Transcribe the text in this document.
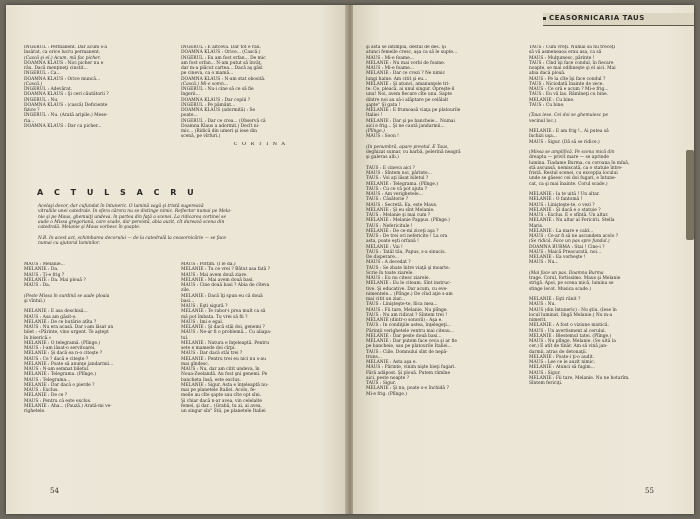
INGERUL : Permanent. Dar acum s-a
însărat, ca orice lucru permanent.
(Cască şi el.) Acum, mă fac picher.
DOAMNA KLAUS : Nici picher nu e
rău. Dacă menţineţi cinstit...
INGERUL : Ca...
DOAMNA KLAUS : Orice muncă...
(Cască.)
INGERUL : Adevărat.
DOAMNA KLAUS : Şi ceri căutătorii ?
INGERUL : Nu.
DOAMNA KLAUS : (cască) Deficiente
fizice ?
INGERUL : Nu. (Arată aripile.) Mese-
ria...
DOAMNA KLAUS : Dar ca picher...
INGERUL : E altceva. Dar tot e rău.
DOAMNA KLAUS : Orice... (Cască.)
INGERUL : Eu am fost orfan... De mic
am fost orfan... N-am putut să învăţ,
dar m-a plăcut cartea... Dacă aş găsi
pe cineva, ca o mamă...
DOAMNA KLAUS : N-am stat obosită.
(Cască.) Mi-e somn...
INGERUL : Nu-i cine să ce să fie
îngerii...
DOAMNA KLAUS : Dar copiii ?
INGERUL : Pe pământ...
DOAMNA KLAUS (adormită) : Se
poate...
INGERUL : Dar ce crea... (Observă că
Doamna Klaus a adormit.) Decît ni-
mic... (Ridică din umeri şi iese din
scenă, pe vîrfuri.)
C O R T I N A
A C T U L S A C R U
Acelaşi decor, dar cufundat în întuneric. O lumină vagă şi tristă sugerează
vitraliile unei catedrale. In sfera cărora nu se distinge nimic. Reflector numai pe Mela-
nie şi pe Maus, ghemuiţi undeva. în partea din faţă a scenei. La ridicarea cortinei se
aude o Missa gregoriană, care scade, dar persistă, abia auzit, cît durează scena din
catedrală. Melanie şi Maus vorbesc în şoapte.
N.B. In acest act, schimbarea decorului — de la catedrală la ceasornicărie — se face
numai cu ajutorul luminilor.
MAUS : Melanie...
MELANIE : Da.
MAUS : Ţi-e frig ?
MELANIE : Da. Mai plouă ?
MAUS : Da.
(Peste Missa în surdină se aude ploaia
şi vîntul.)
MELANIE : E asa deschisă...
MAUS : Asa am găsit-o.
MELANIE : De ce butărie atîta ?
MAUS : Nu era acasă. Dar i-am lăsat un
bilet : «Părinte, vino urgent. Te aştept
în biserică.»
MELANIE : O telegramă. (Plînge.)
MAUS : I-am lăsat-o servitoarei.
MELANIE : Şi dacă ea n-o citeşte ?
MAUS : Ce ? dacă e citeşte ?
MELANIE : Poate să anunţe jandarmii...
MAUS : N-am semnat biletul.
MELANIE : Telegrama. (Plînge.)
MAUS : Telegrama...
MELANIE : Dar dacă o pierde ?
MAUS : Exclus.
MELANIE : De ce ?
MAUS : Pentru că este exclus.
MELANIE : Aha... (Pauză.) Arată-mi ve-
righetele.
MAUS : Poftim. (I le dă.)
MELANIE : Tu ce vrei ? Bătut asa fată ?
MAUS : Mai avem două ziare.
MELANIE : Mai avem două basi.
MAUS : Cine două basi ? Abia de cîteva
zile.
MELANIE : Dacă îţi spun eu că două
basi...
MAUS : Eşti sigură ?
MELANIE : Te rabor-i prea mult ca să
mă pot îmbata. Tu vrei să fii ?
MAUS : Imi e egal.
MELANIE : Şi dacă stăi doi, genemi ?
MAUS : Ne-ar fi o problemă... Cu aliapa-
tul.
MELANIE : Natura e înţeleaptă. Pentru
sete e mamede doi cîrpi.
MAUS : Dar dacă stăi trei ?
MELANIE : Pentru trei eu nici nu s-au
mai gîndesc.
MAUS : Nu, dar am citit undeva, în
Noua-Zeelandă. Au fost şni genemi. Pe
bancheta însă, este exclus.
MELANIE : Sigur. Asta e înţeleaptă nu-
mai pe planetele Italiei. Acolo, fe-
meile au cîte şapte sau cîte opt sîni.
Şi chiar dacă n-ar avea, vin celelalte
femei, şi dar... (Grabă, tu ai, ai avea,
un singur sîn" Stii, pe planetele Italiei
54
CEASORNICARIA TAUS
şi asta se întîmplă, destul de des. Şi
atunci femeile cresc, aşa ca să le supte...
MAUS : Mi-e foame...
MELANIE : Nu mai vorbi de foame.
MAUS : Mi-e foame...
MELANIE : Dar ce crezi ? Ne nimic
lungi haine. Am citit şi eu...
MELANIE : Şi atunci, amanunţele tri-
te. Ce, pleacă, ai unul singur. Opreşte-il
unu! Noi, avem fiecare cîte unu. Sapte
dintre noi au să-i alăptare pe celălalt
şapte" Şi gata !
MELANIE : E frumoasă viaţa pe platourile
Italiei !
MELANIE : Dar şi pe bancheie... Numai
aici e frig... Şi ne caută jandarmii...
(Plînge.)
MAUS : Soon !
(In penumbră, apare preotul. E Taus,
deghizat sumar, cu barbă, pelerină neagră
şi galeras alb.)
TAUS : E cineva aici ?
MAUS : Sîntem noi, părinte...
TAUS : Voi aţi lăsat biletul ?
MELANIE : Telegrama. (Plînge.)
TAUS : Cu ce vă pot ajuta ?
MAUS : Am verighetele...
TAUS : Căsătorie ?
MAUS : Secretă. Ea, este Maus.
MELANIE : Şi eu sînt Melanie.
TAUS : Melanie şi mai cum ?
MELANIE : Melanie Pappus. (Plînge.)
TAUS : Nefericitule !
MELANIE : De ce-mi ziceţi aşa ?
TAUS : De trei ori nefericite ! La ora
asta, poate eşti orfană !
MELANIE : Vai !
TAUS : Tatăl tău, Papus, s-a sinucis.
De disperare...
MAUS : A decedat ?
TAUS : Se zbate între viaţă şi moarte.
Scrie în toate ziarele.
MAUS : Eu nu citesc ziarele.
MELANIE : Eu le citeam. Sînt instruc-
tive. Şi educative. Dar acum, cu eve-
nimentele... (Plînge.) De cînd aţie s-am
mai citit un ziar...
TAUS : Linişteşte-te, fiica mea...
MAUS : Fii tare, Melanie. Nu plînge.
TAUS : Nu am ridicat ? Sîntem trei !
MELANIE (dintr-o sonoră) : Aşa e.
TAUS : In condiţiile astea, înţelegeţi...
Părinţii verighetele ventru mai citeau...
MELANIE : Dar peste două basi...
MELANIE : Dar putem face ceva şi ar fie
pe bancheie, sau pe platourile Italiei...
TAUS : Ciile. Domnului sînt de nepă-
truns...
MELANIE : Asta aşa e.
MAUS : Părinte, vinim nişte bieţi fugari.
Fără adăpost. Şi plouă. Putem rămîne
aici, peste noapte ?
TAUS : Sigur.
MELANIE : Şi nu, poate s-o închidă ?
Mi-e frig. (Plînge.)
TAUS : Cum vreţi. Numai să nu treceţi
să vă asmeneaoa erau asa, ca să
MAUS : Mulţumesc, părinte !
TAUS : Cînd îşi face condul, în fiecare
noapte, se mai odihneşte şi el aici. Mai
abia dacă plouă.
MAUS : Pe la cîte îşi face condul ?
TAUS : Niciodată înainte de zece.
MAUS : Ce oră e acum ? Mi-e frig...
TAUS : Eu vă las. Rămîneţi cu bine.
MELANIE : Cu bine.
TAUS : Cu bine.
(Taus iese. Cei doi se ghemuiesc pe
vecinul loc.)
MELANIE : E am frig !.. Ai putea să
închizi uşa...
MAUS : Sigur. (Dă să se ridice.)
(Missa se amplifică. Pe scena mică din
dreapta — privit mare — se aprinde
lumina. Tiadame Burma, cu coroana în mînă,
stă ascunsă, nemiscată, ca o statuie între-
fristă. Restul scenei, cu excepţia locului
unde se găsesc cei doi fugari, e întune-
cat, ca şi mai înainte. Corul scade.)
MELANIE : Ia te uită ! Un altar.
MELANIE : O fantomă !
MAUS : Linişteşte-te, o vezi ?
MELANIE : Şi dacă e o statuie ?
MAUS : Exclus. E o sfîntă. Un altar.
MELANIE : Nu altar al Fericirii. Stella
Maris.
MELANIE : La mare e cald...
MAUS : Ce-ar fi să ne ascundem acolo ?
(Se ridică. Face un pas spre fundal.)
DOAMNA BURMA : Stai ! Cine-i ?
MAUS : Maică Preacurată, noi...
MELANIE : Ea vorbeşte !
MAUS : Nu...
(Mai face un pas. Doamna Burma
trage. Corul, fortissimo. Maus şi Melanie
strigă. Apoi, pe scena mică, lumina se
stinge lecot. Musica scade.)
MELANIE : Eşti rănit ?
MAUS : Nu.
MAUS (din întuneric) : Nu ştiu. (Iese în
locul luminat, lîngă Melanie.) Nu m-a
nimerit.
MELANIE : A fost o viziune mistică.
MAUS : Un avertisment al cerului.
MELANIE : Blestemul tatei. (Plînge.)
MAUS : Nu plînge, Melanie. (Se uită la
cer.) E atît de tînăr. Am să vină jan-
darmii, atras de detonaţii.
MELANIE : Poate-i ţi-o audit.
MAUS : Lee ce le auzit nimic.
MELANIE : Atunci să fugim...
MAUS : Sigur.
MELANIE : Fii tare, Melanie. Nu ne hotarîm.
Sîntem fericiţi.
55
